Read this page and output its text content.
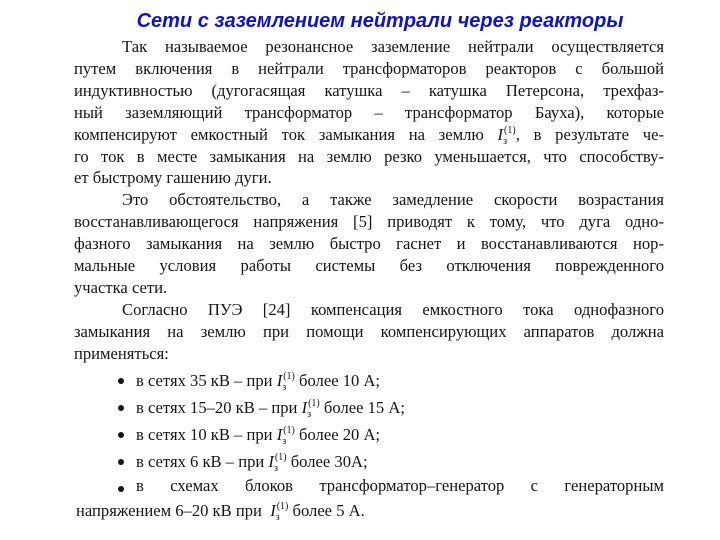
Сети с заземлением нейтрали через реакторы
Так называемое резонансное заземление нейтрали осуществляется
путем включения в нейтрали трансформаторов реакторов с большой
индуктивностью (дугогасящая катушка – катушка Петерсона, трехфаз-
ный заземляющий трансформатор – трансформатор Бауха), которые
компенсируют емкостный ток замыкания на землю $I_з^{(1)}$, в результате че-
го ток в месте замыкания на землю резко уменьшается, что способству-
ет быстрому гашению дуги.
Это обстоятельство, а также замедление скорости возрастания
восстанавливающегося напряжения [5] приводят к тому, что дуга одно-
фазного замыкания на землю быстро гаснет и восстанавливаются нор-
мальные условия работы системы без отключения поврежденного
участка сети.
Согласно ПУЭ [24] компенсация емкостного тока однофазного
замыкания на землю при помощи компенсирующих аппаратов должна
применяться:
в сетях 35 кВ – при $I_з^{(1)}$ более 10 А;
в сетях 15–20 кВ – при $I_з^{(1)}$ более 15 А;
в сетях 10 кВ – при $I_з^{(1)}$ более 20 А;
в сетях 6 кВ – при $I_з^{(1)}$ более 30А;
в схемах блоков трансформатор–генератор с генераторным
напряжением 6–20 кВ при $I_з^{(1)}$ более 5 А.
